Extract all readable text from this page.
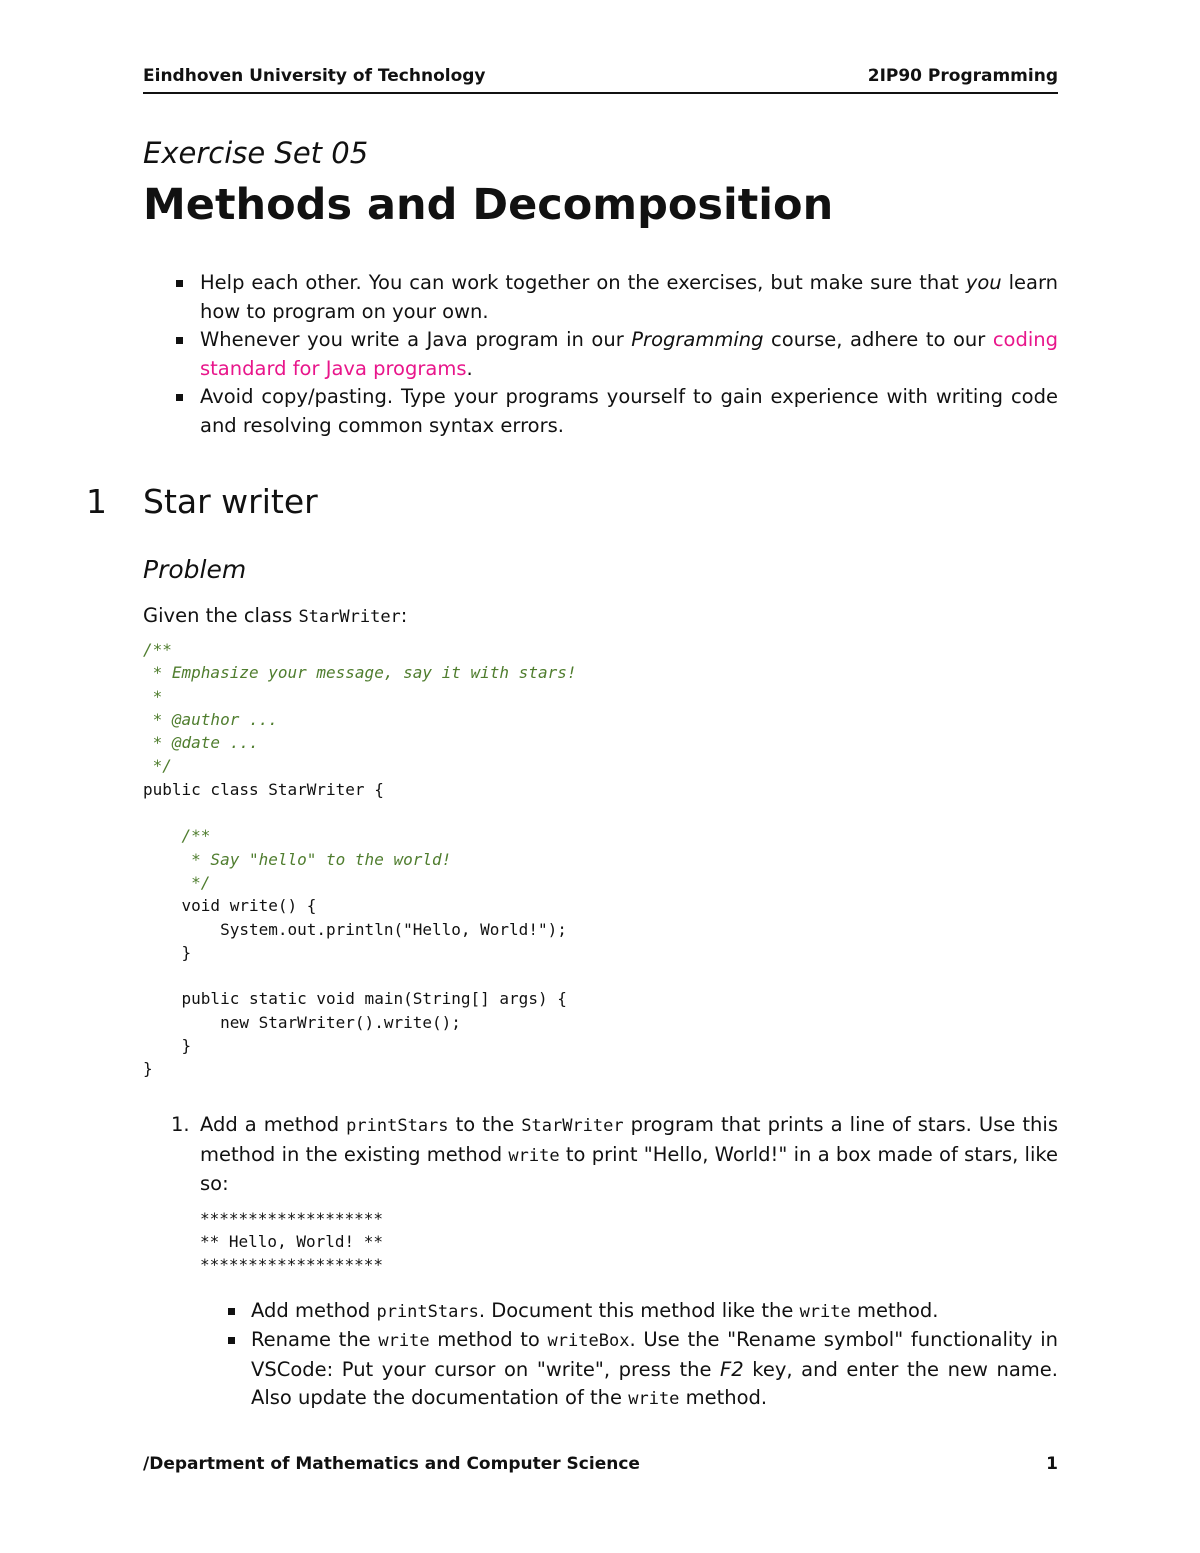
Eindhoven University of Technology	2IP90 Programming
Exercise Set 05
Methods and Decomposition
Help each other. You can work together on the exercises, but make sure that you learn how to program on your own.
Whenever you write a Java program in our Programming course, adhere to our coding standard for Java programs.
Avoid copy/pasting. Type your programs yourself to gain experience with writing code and resolving common syntax errors.
1 Star writer
Problem
Given the class StarWriter:
/**
* Emphasize your message, say it with stars!
*
* @author ...
* @date ...
*/
public class StarWriter {

/**
* Say "hello" to the world!
*/
void write() {
System.out.println("Hello, World!");
}

public static void main(String[] args) {
new StarWriter().write();
}
}
1. Add a method printStars to the StarWriter program that prints a line of stars. Use this method in the existing method write to print "Hello, World!" in a box made of stars, like so:
*******************
** Hello, World! **
*******************
Add method printStars. Document this method like the write method.
Rename the write method to writeBox. Use the "Rename symbol" functionality in VSCode: Put your cursor on "write", press the F2 key, and enter the new name. Also update the documentation of the write method.
/Department of Mathematics and Computer Science	1
